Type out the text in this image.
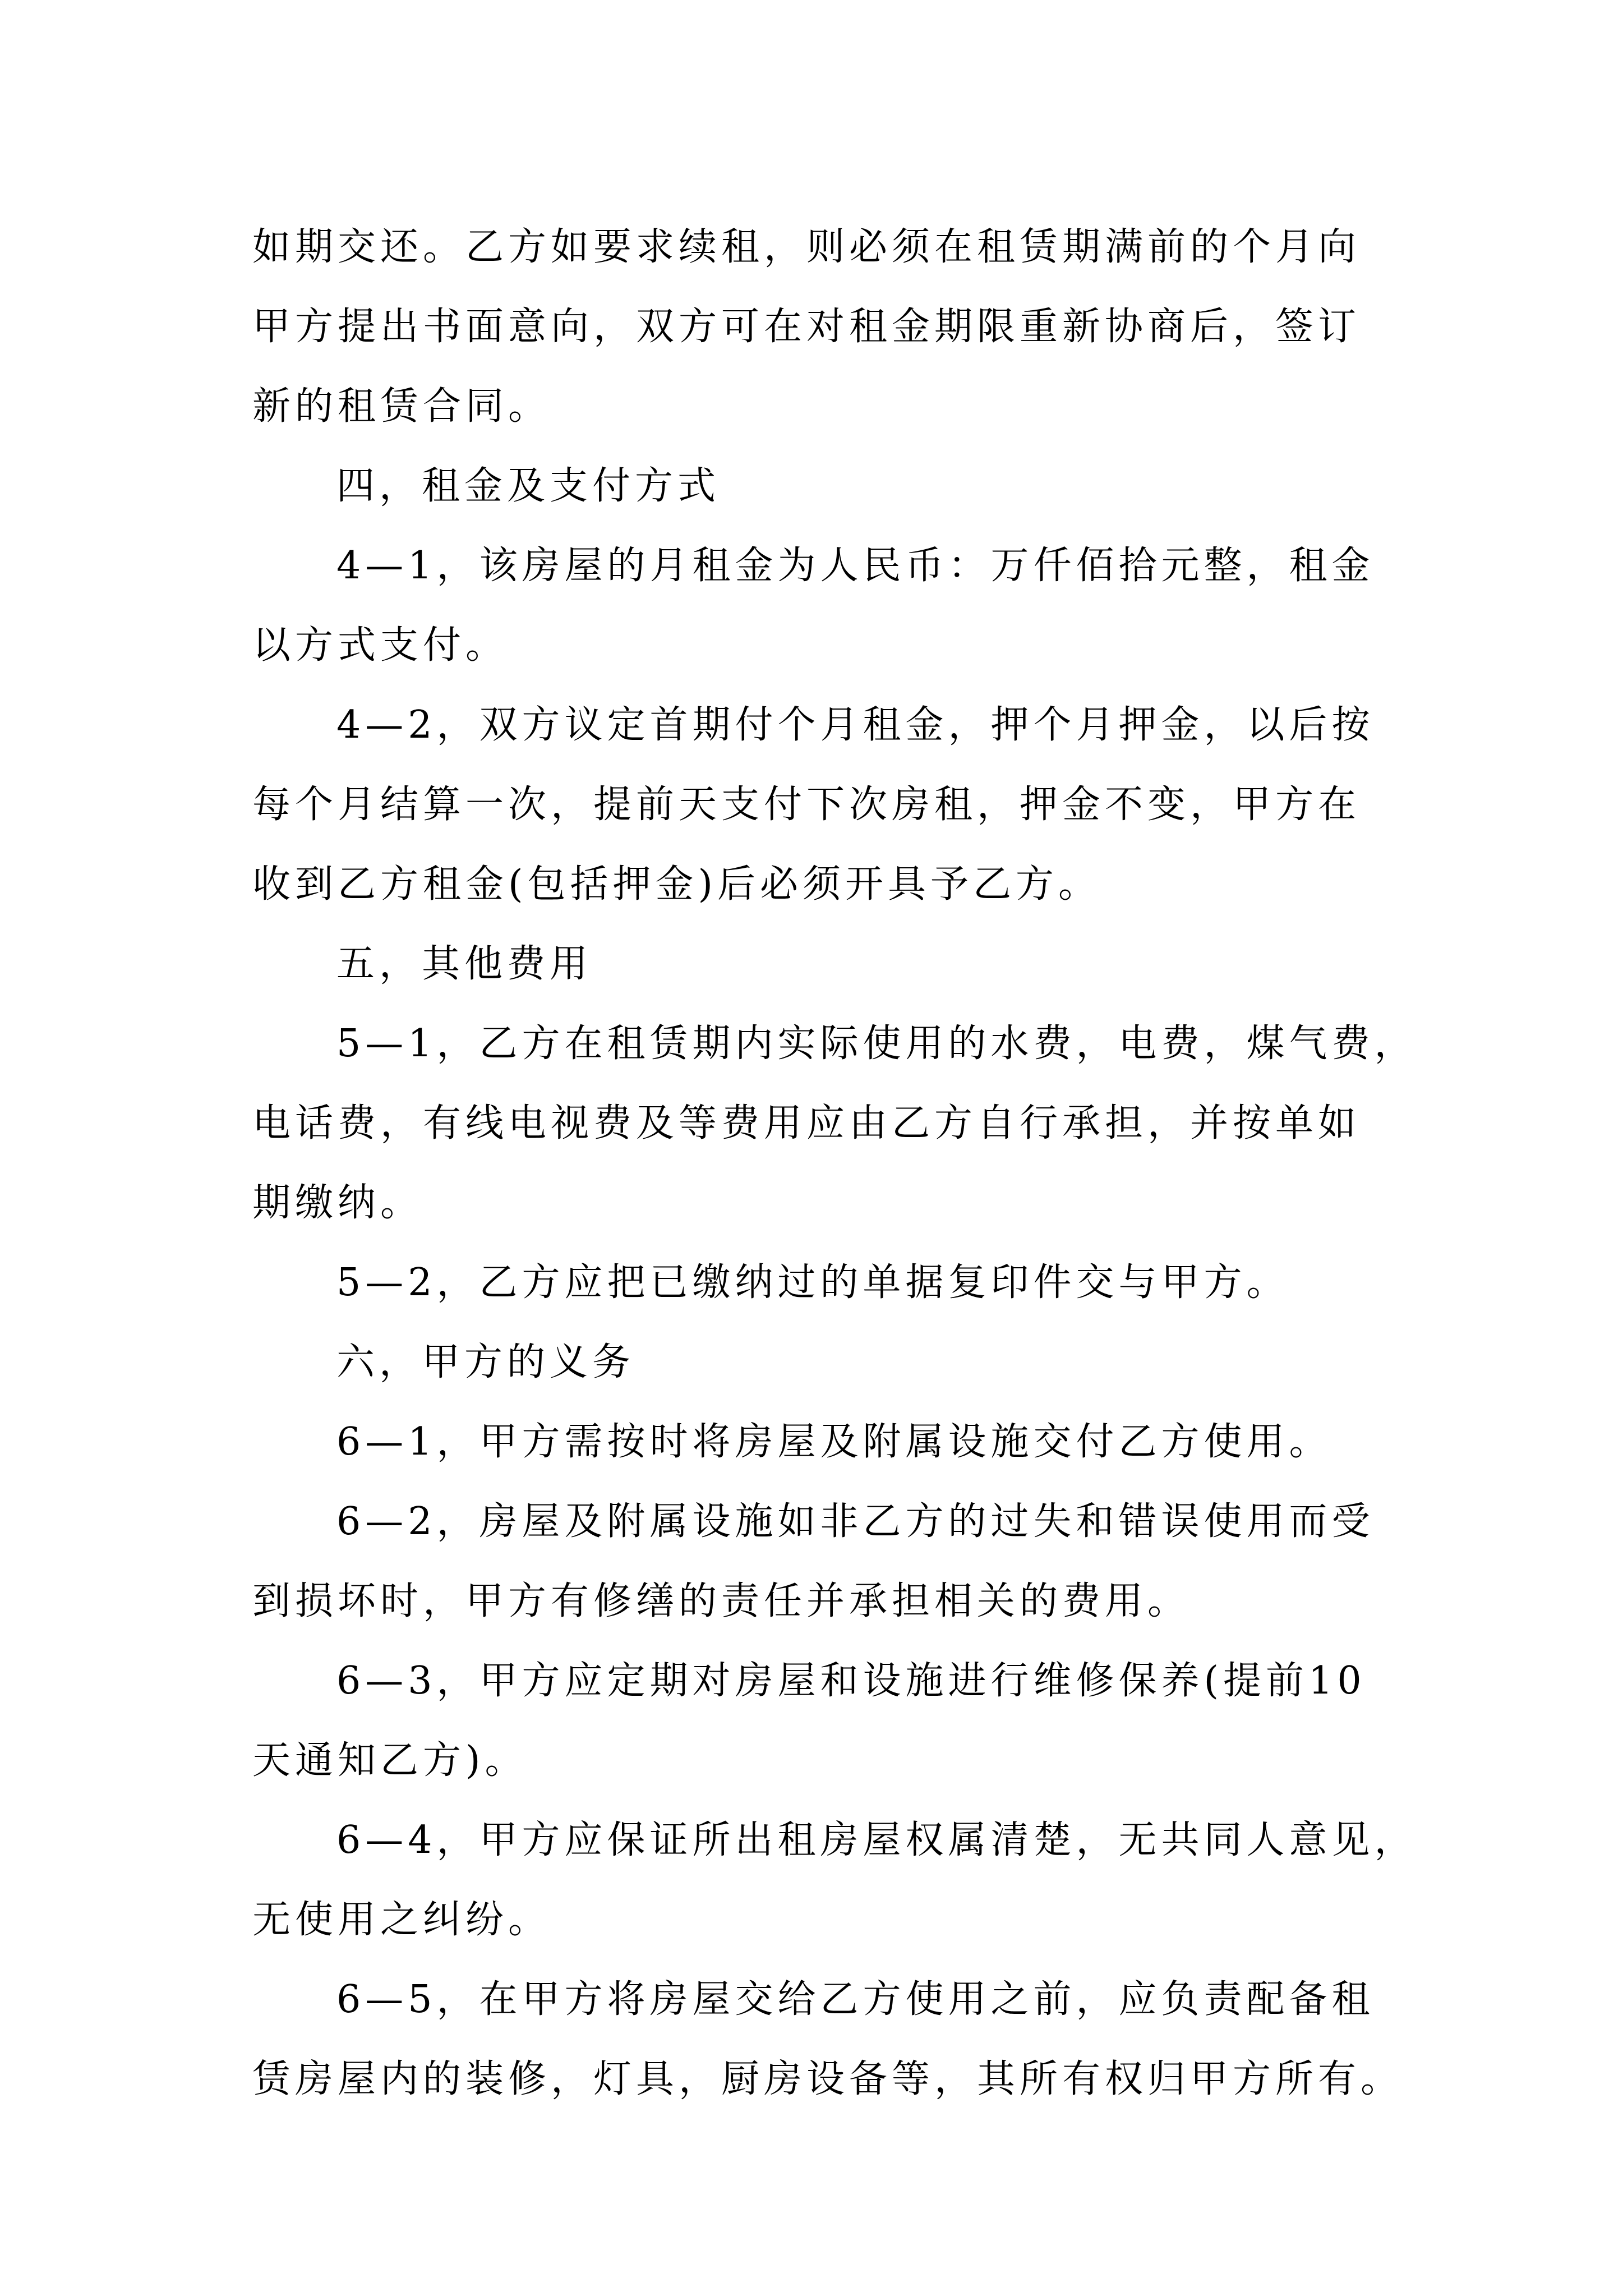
如期交还。乙方如要求续租，则必须在租赁期满前的个月向
甲方提出书面意向，双方可在对租金期限重新协商后，签订
新的租赁合同。
四，租金及支付方式
4—1，该房屋的月租金为人民币：万仟佰拾元整，租金
以方式支付。
4—2，双方议定首期付个月租金，押个月押金，以后按
每个月结算一次，提前天支付下次房租，押金不变，甲方在
收到乙方租金(包括押金)后必须开具予乙方。
五，其他费用
5—1，乙方在租赁期内实际使用的水费，电费，煤气费，
电话费，有线电视费及等费用应由乙方自行承担，并按单如
期缴纳。
5—2，乙方应把已缴纳过的单据复印件交与甲方。
六，甲方的义务
6—1，甲方需按时将房屋及附属设施交付乙方使用。
6—2，房屋及附属设施如非乙方的过失和错误使用而受
到损坏时，甲方有修缮的责任并承担相关的费用。
6—3，甲方应定期对房屋和设施进行维修保养(提前10
天通知乙方)。
6—4，甲方应保证所出租房屋权属清楚，无共同人意见，
无使用之纠纷。
6—5，在甲方将房屋交给乙方使用之前，应负责配备租
赁房屋内的装修，灯具，厨房设备等，其所有权归甲方所有。
